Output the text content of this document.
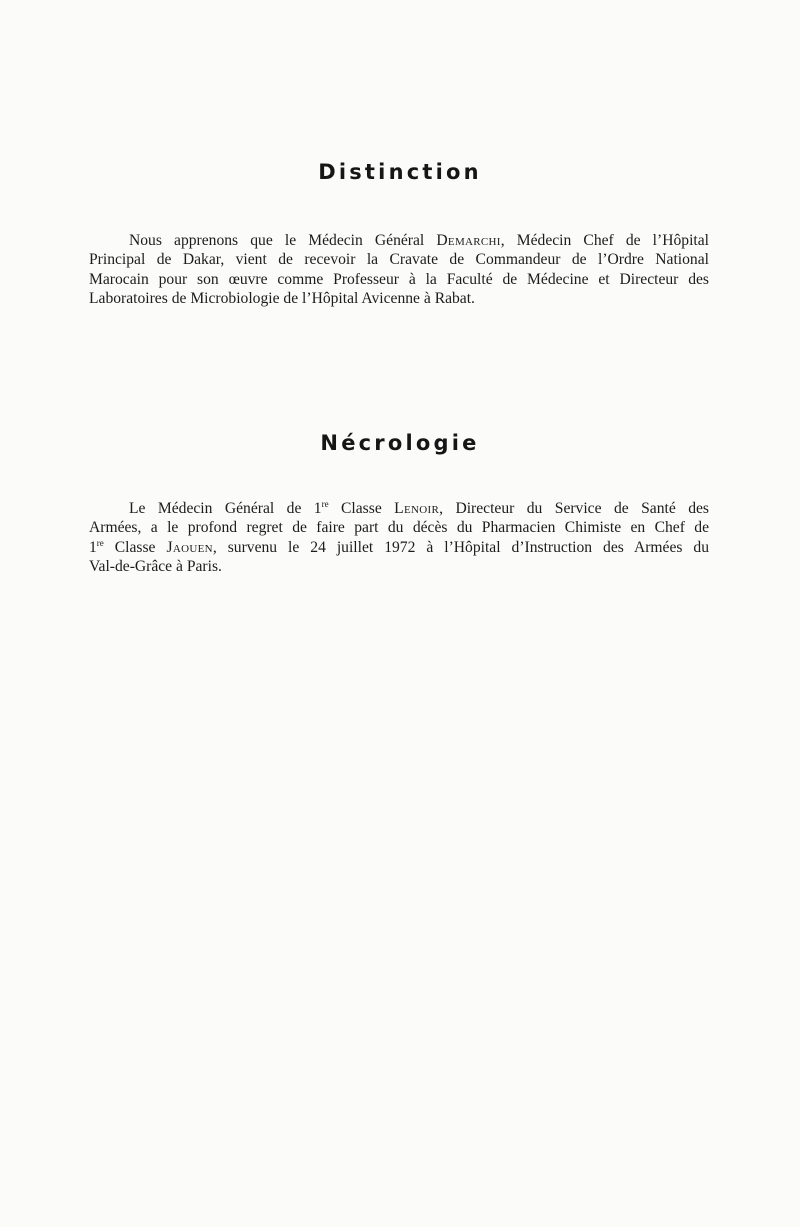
Distinction
Nous apprenons que le Médecin Général Demarchi, Médecin Chef de l’Hôpital
Principal de Dakar, vient de recevoir la Cravate de Commandeur de l’Ordre National
Marocain pour son œuvre comme Professeur à la Faculté de Médecine et Directeur des
Laboratoires de Microbiologie de l’Hôpital Avicenne à Rabat.
Nécrologie
Le Médecin Général de 1re Classe Lenoir, Directeur du Service de Santé des
Armées, a le profond regret de faire part du décès du Pharmacien Chimiste en Chef de
1re Classe Jaouen, survenu le 24 juillet 1972 à l’Hôpital d’Instruction des Armées du
Val-de-Grâce à Paris.
